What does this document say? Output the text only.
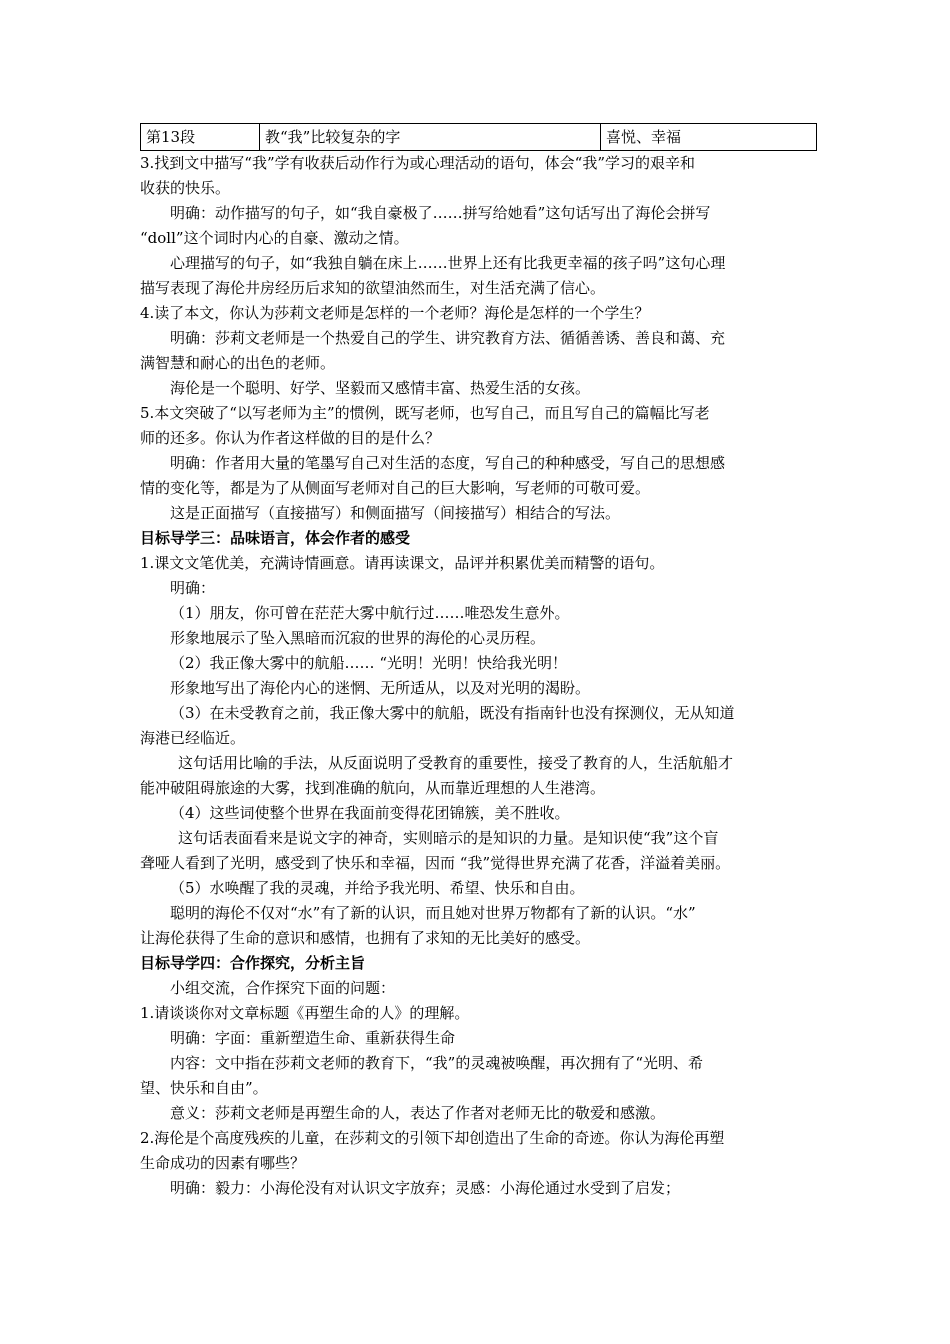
第13段	教“我”比较复杂的字	喜悦、幸福

3.找到文中描写“我”学有收获后动作行为或心理活动的语句，体会“我”学习的艰辛和

收获的快乐。

明确：动作描写的句子，如“我自豪极了……拼写给她看”这句话写出了海伦会拼写

“doll”这个词时内心的自豪、激动之情。

心理描写的句子，如“我独自躺在床上……世界上还有比我更幸福的孩子吗”这句心理

描写表现了海伦井房经历后求知的欲望油然而生，对生活充满了信心。

4.读了本文，你认为莎莉文老师是怎样的一个老师？海伦是怎样的一个学生？

明确：莎莉文老师是一个热爱自己的学生、讲究教育方法、循循善诱、善良和蔼、充

满智慧和耐心的出色的老师。

海伦是一个聪明、好学、坚毅而又感情丰富、热爱生活的女孩。

5.本文突破了“以写老师为主”的惯例，既写老师，也写自己，而且写自己的篇幅比写老

师的还多。你认为作者这样做的目的是什么？

明确：作者用大量的笔墨写自己对生活的态度，写自己的种种感受，写自己的思想感

情的变化等，都是为了从侧面写老师对自己的巨大影响，写老师的可敬可爱。

这是正面描写（直接描写）和侧面描写（间接描写）相结合的写法。

目标导学三：品味语言，体会作者的感受

1.课文文笔优美，充满诗情画意。请再读课文，品评并积累优美而精警的语句。

明确：

（1）朋友，你可曾在茫茫大雾中航行过……唯恐发生意外。

形象地展示了坠入黑暗而沉寂的世界的海伦的心灵历程。

（2）我正像大雾中的航船…… “光明！光明！快给我光明！

形象地写出了海伦内心的迷惘、无所适从，以及对光明的渴盼。

（3）在未受教育之前，我正像大雾中的航船，既没有指南针也没有探测仪，无从知道

海港已经临近。

这句话用比喻的手法，从反面说明了受教育的重要性，接受了教育的人，生活航船才

能冲破阻碍旅途的大雾，找到准确的航向，从而靠近理想的人生港湾。

（4）这些词使整个世界在我面前变得花团锦簇，美不胜收。

这句话表面看来是说文字的神奇，实则暗示的是知识的力量。是知识使“我”这个盲

聋哑人看到了光明，感受到了快乐和幸福，因而 “我”觉得世界充满了花香，洋溢着美丽。

（5）水唤醒了我的灵魂，并给予我光明、希望、快乐和自由。

聪明的海伦不仅对“水”有了新的认识，而且她对世界万物都有了新的认识。“水”

让海伦获得了生命的意识和感情，也拥有了求知的无比美好的感受。

目标导学四：合作探究，分析主旨

小组交流，合作探究下面的问题：

1.请谈谈你对文章标题《再塑生命的人》的理解。

明确：字面：重新塑造生命、重新获得生命

内容：文中指在莎莉文老师的教育下，“我”的灵魂被唤醒，再次拥有了“光明、希

望、快乐和自由”。

意义：莎莉文老师是再塑生命的人，表达了作者对老师无比的敬爱和感激。

2.海伦是个高度残疾的儿童，在莎莉文的引领下却创造出了生命的奇迹。你认为海伦再塑

生命成功的因素有哪些？

明确：毅力：小海伦没有对认识文字放弃；灵感：小海伦通过水受到了启发；
